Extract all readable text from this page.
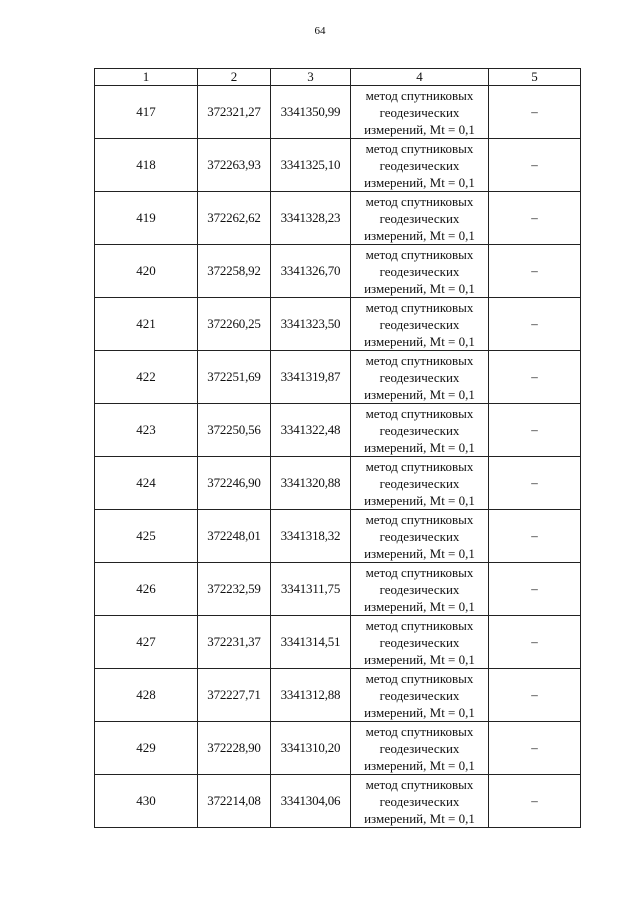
64
1	2	3	4	5
417	372321,27	3341350,99	метод спутниковых
геодезических
измерений, Mt = 0,1	–
418	372263,93	3341325,10	метод спутниковых
геодезических
измерений, Mt = 0,1	–
419	372262,62	3341328,23	метод спутниковых
геодезических
измерений, Mt = 0,1	–
420	372258,92	3341326,70	метод спутниковых
геодезических
измерений, Mt = 0,1	–
421	372260,25	3341323,50	метод спутниковых
геодезических
измерений, Mt = 0,1	–
422	372251,69	3341319,87	метод спутниковых
геодезических
измерений, Mt = 0,1	–
423	372250,56	3341322,48	метод спутниковых
геодезических
измерений, Mt = 0,1	–
424	372246,90	3341320,88	метод спутниковых
геодезических
измерений, Mt = 0,1	–
425	372248,01	3341318,32	метод спутниковых
геодезических
измерений, Mt = 0,1	–
426	372232,59	3341311,75	метод спутниковых
геодезических
измерений, Mt = 0,1	–
427	372231,37	3341314,51	метод спутниковых
геодезических
измерений, Mt = 0,1	–
428	372227,71	3341312,88	метод спутниковых
геодезических
измерений, Mt = 0,1	–
429	372228,90	3341310,20	метод спутниковых
геодезических
измерений, Mt = 0,1	–
430	372214,08	3341304,06	метод спутниковых
геодезических
измерений, Mt = 0,1	–
